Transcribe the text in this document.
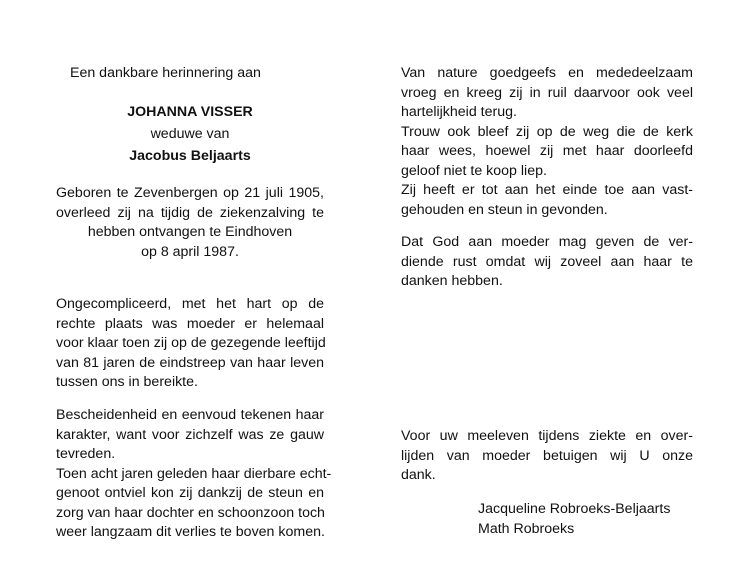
Een dankbare herinnering aan
JOHANNA VISSER
weduwe van
Jacobus Beljaarts
Geboren te Zevenbergen op 21 juli 1905,
overleed zij na tijdig de ziekenzalving te
hebben ontvangen te Eindhoven
op 8 april 1987.
Ongecompliceerd, met het hart op de
rechte plaats was moeder er helemaal
voor klaar toen zij op de gezegende leeftijd
van 81 jaren de eindstreep van haar leven
tussen ons in bereikte.
Bescheidenheid en eenvoud tekenen haar
karakter, want voor zichzelf was ze gauw
tevreden.
Toen acht jaren geleden haar dierbare echt-
genoot ontviel kon zij dankzij de steun en
zorg van haar dochter en schoonzoon toch
weer langzaam dit verlies te boven komen.
Van nature goedgeefs en mededeelzaam
vroeg en kreeg zij in ruil daarvoor ook veel
hartelijkheid terug.
Trouw ook bleef zij op de weg die de kerk
haar wees, hoewel zij met haar doorleefd
geloof niet te koop liep.
Zij heeft er tot aan het einde toe aan vast-
gehouden en steun in gevonden.
Dat God aan moeder mag geven de ver-
diende rust omdat wij zoveel aan haar te
danken hebben.
Voor uw meeleven tijdens ziekte en over-
lijden van moeder betuigen wij U onze
dank.
Jacqueline Robroeks-Beljaarts
Math Robroeks
